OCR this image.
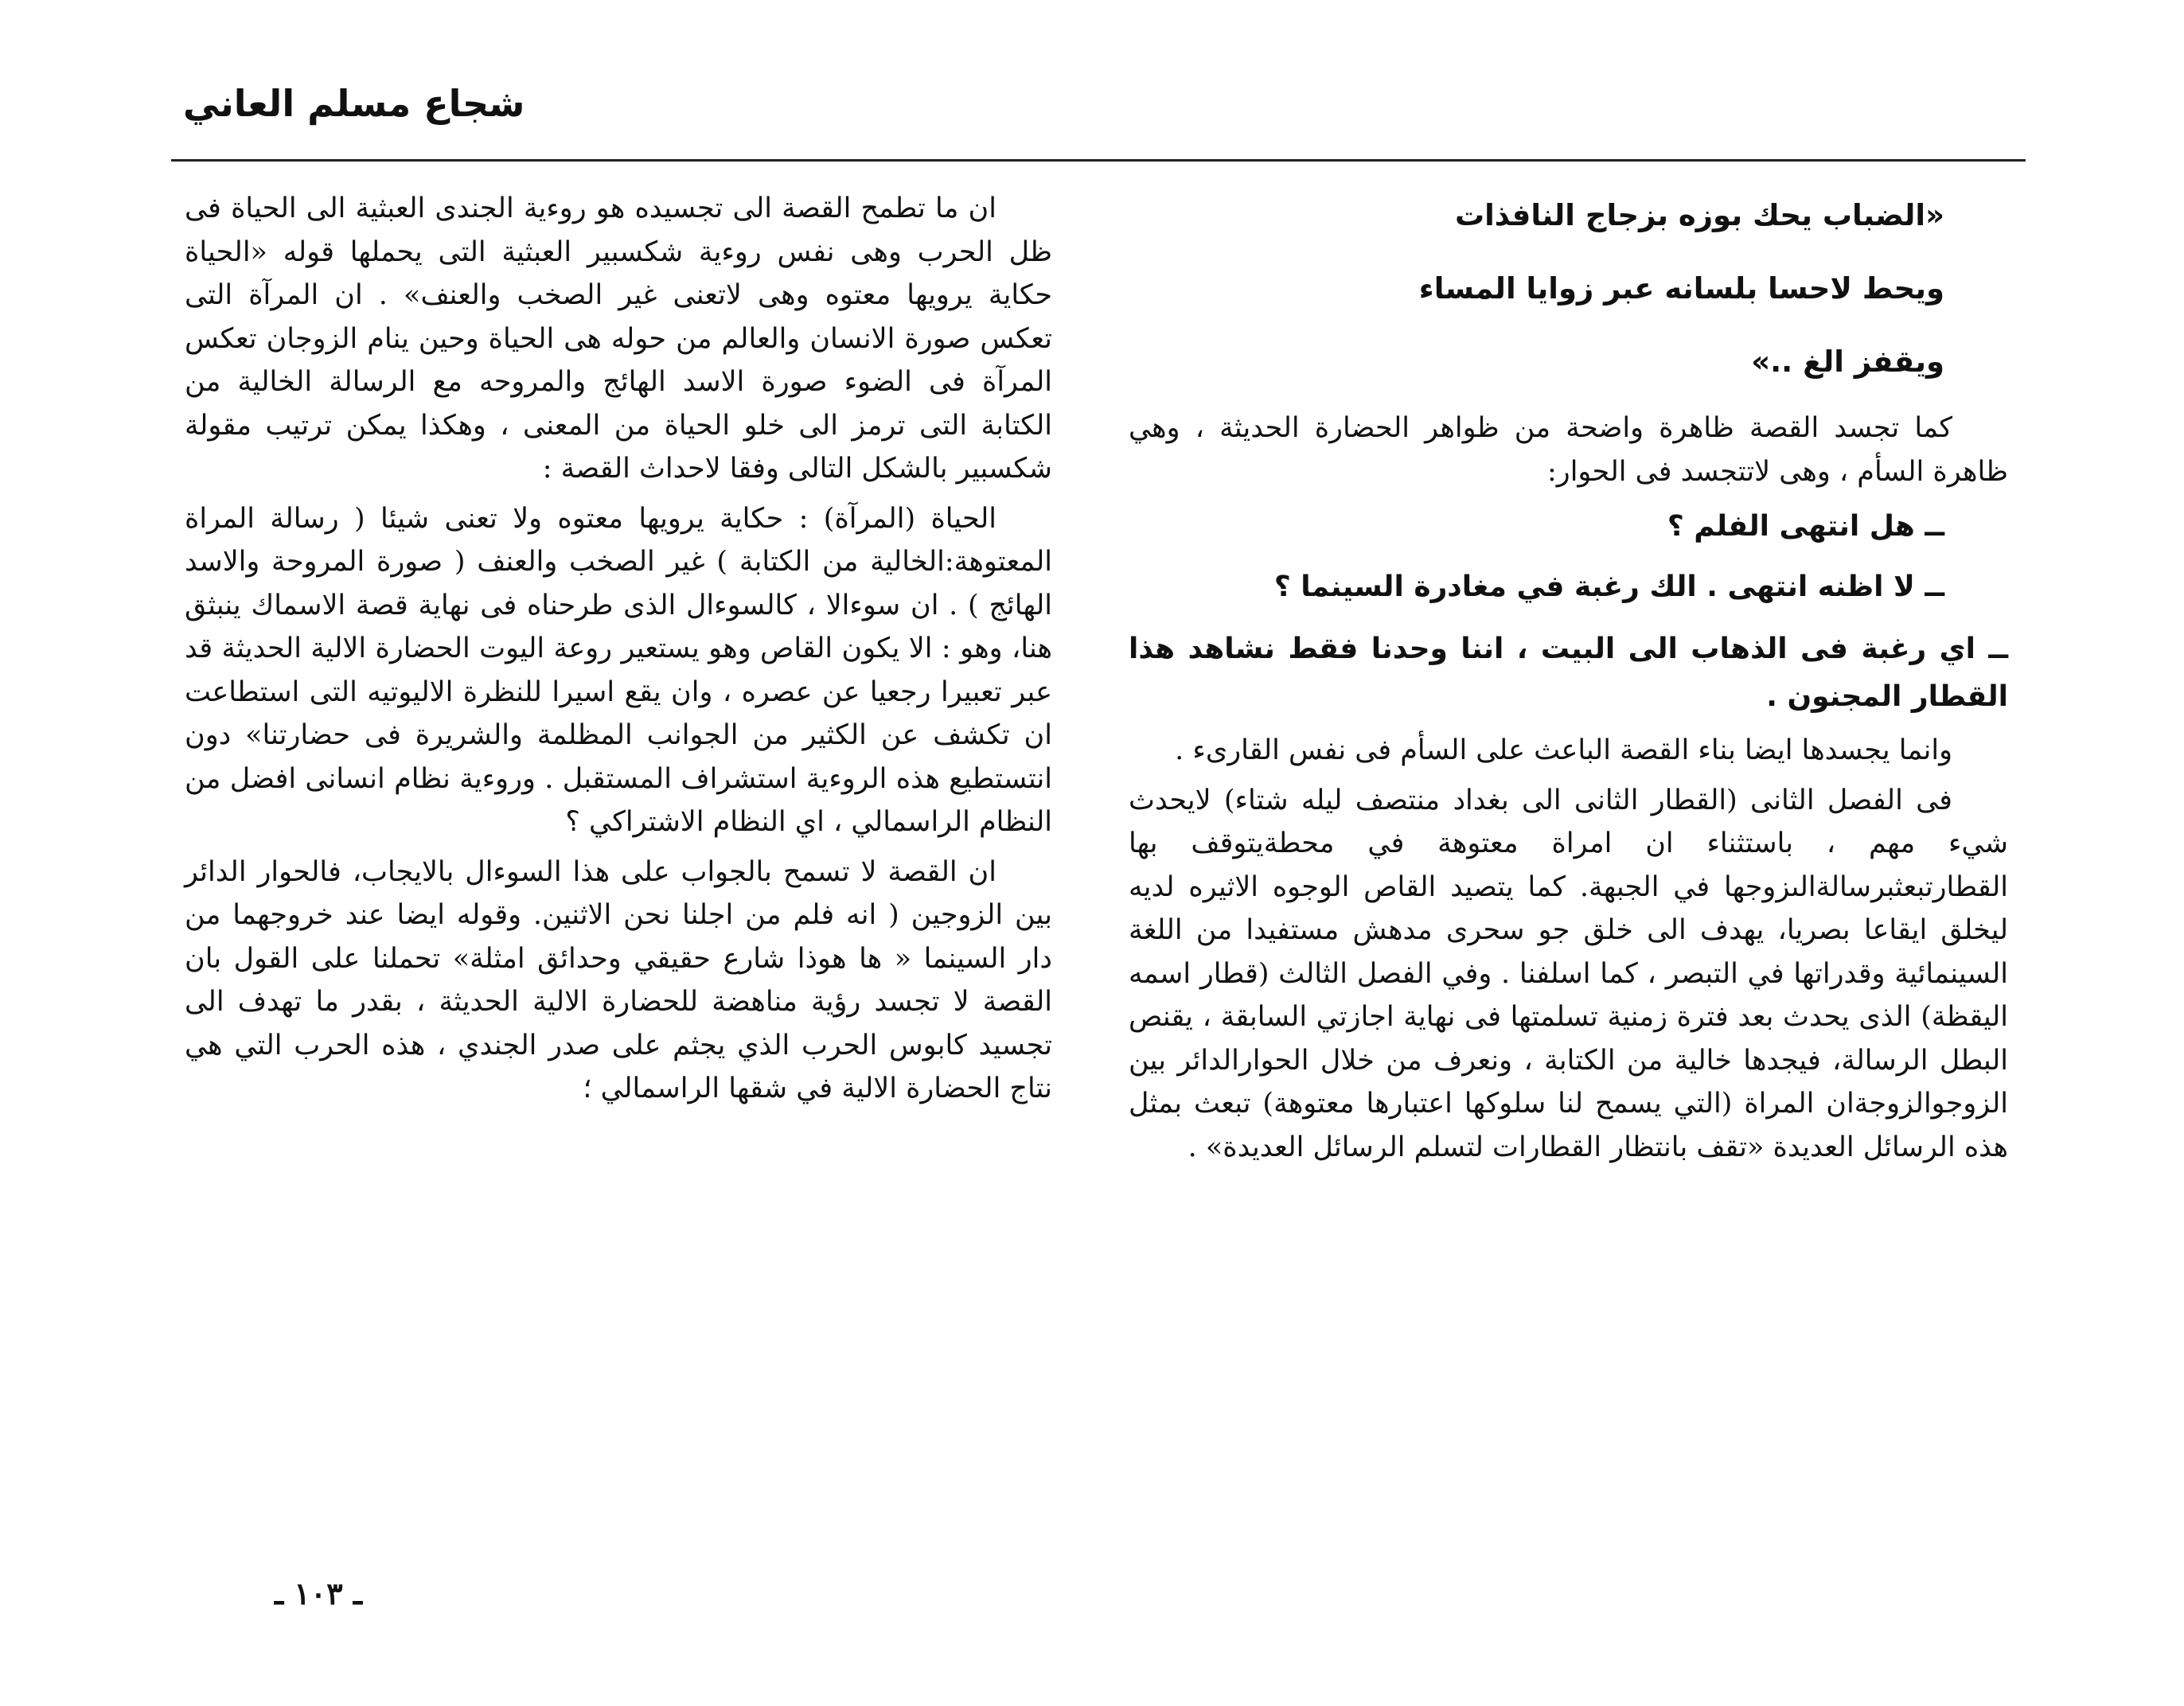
شجاع مسلم العاني
«الضباب يحك بوزه بزجاج النافذات
ويحط لاحسا بلسانه عبر زوايا المساء
ويقفز الغ ..»

كما تجسد القصة ظاهرة واضحة من ظواهر الحضارة الحديثة ، وهي ظاهرة السأم ، وهى لاتتجسد فى الحوار:

ــ هل انتهى الفلم ؟
ــ لا اظنه انتهى . الك رغبة في مغادرة السينما ؟
ــ اي رغبة فى الذهاب الى البيت ، اننا وحدنا فقط نشاهد هذا القطار المجنون .

وانما يجسدها ايضا بناء القصة الباعث على السأم فى نفس القارىء .

فى الفصل الثانى (القطار الثانى الى بغداد منتصف ليله شتاء) لايحدث شيء مهم ، باستثناء ان امراة معتوهة في محطةيتوقف بها القطارتبعثبرسالةالىزوجها في الجبهة. كما يتصيد القاص الوجوه الاثيره لديه ليخلق ايقاعا بصريا، يهدف الى خلق جو سحرى مدهش مستفيدا من اللغة السينمائية وقدراتها في التبصر ، كما اسلفنا . وفي الفصل الثالث (قطار اسمه اليقظة) الذى يحدث بعد فترة زمنية تسلمتها فى نهاية اجازتي السابقة ، يقنص البطل الرسالة، فيجدها خالية من الكتابة ، ونعرف من خلال الحوارالدائر بين الزوجوالزوجةان المراة (التي يسمح لنا سلوكها اعتبارها معتوهة) تبعث بمثل هذه الرسائل العديدة «تقف بانتظار القطارات لتسلم الرسائل العديدة» .

ان ما تطمح القصة الى تجسيده هو روءية الجندى العبثية الى الحياة فى ظل الحرب وهى نفس روءية شكسبير العبثية التى يحملها قوله «الحياة حكاية يرويها معتوه وهى لاتعنى غير الصخب والعنف» . ان المرآة التى تعكس صورة الانسان والعالم من حوله هى الحياة وحين ينام الزوجان تعكس المرآة فى الضوء صورة الاسد الهائج والمروحه مع الرسالة الخالية من الكتابة التى ترمز الى خلو الحياة من المعنى ، وهكذا يمكن ترتيب مقولة شكسبير بالشكل التالى وفقا لاحداث القصة :

الحياة (المرآة) : حكاية يرويها معتوه ولا تعنى شيئا ( رسالة المراة المعتوهة:الخالية من الكتابة ) غير الصخب والعنف ( صورة المروحة والاسد الهائج ) . ان سوءالا ، كالسوءال الذى طرحناه فى نهاية قصة الاسماك ينبثق هنا، وهو : الا يكون القاص وهو يستعير روعة اليوت الحضارة الالية الحديثة قد عبر تعبيرا رجعيا عن عصره ، وان يقع اسيرا للنظرة الاليوتيه التى استطاعت ان تكشف عن الكثير من الجوانب المظلمة والشريرة فى حضارتنا» دون انتستطيع هذه الروءية استشراف المستقبل . وروءية نظام انسانى افضل من النظام الراسمالي ، اي النظام الاشتراكي ؟

ان القصة لا تسمح بالجواب على هذا السوءال بالايجاب، فالحوار الدائر بين الزوجين ( انه فلم من اجلنا نحن الاثنين. وقوله ايضا عند خروجهما من دار السينما « ها هوذا شارع حقيقي وحدائق امثلة» تحملنا على القول بان القصة لا تجسد رؤية مناهضة للحضارة الالية الحديثة ، بقدر ما تهدف الى تجسيد كابوس الحرب الذي يجثم على صدر الجندي ، هذه الحرب التي هي نتاج الحضارة الالية في شقها الراسمالي ؛

ـ ١٠٣ ـ
